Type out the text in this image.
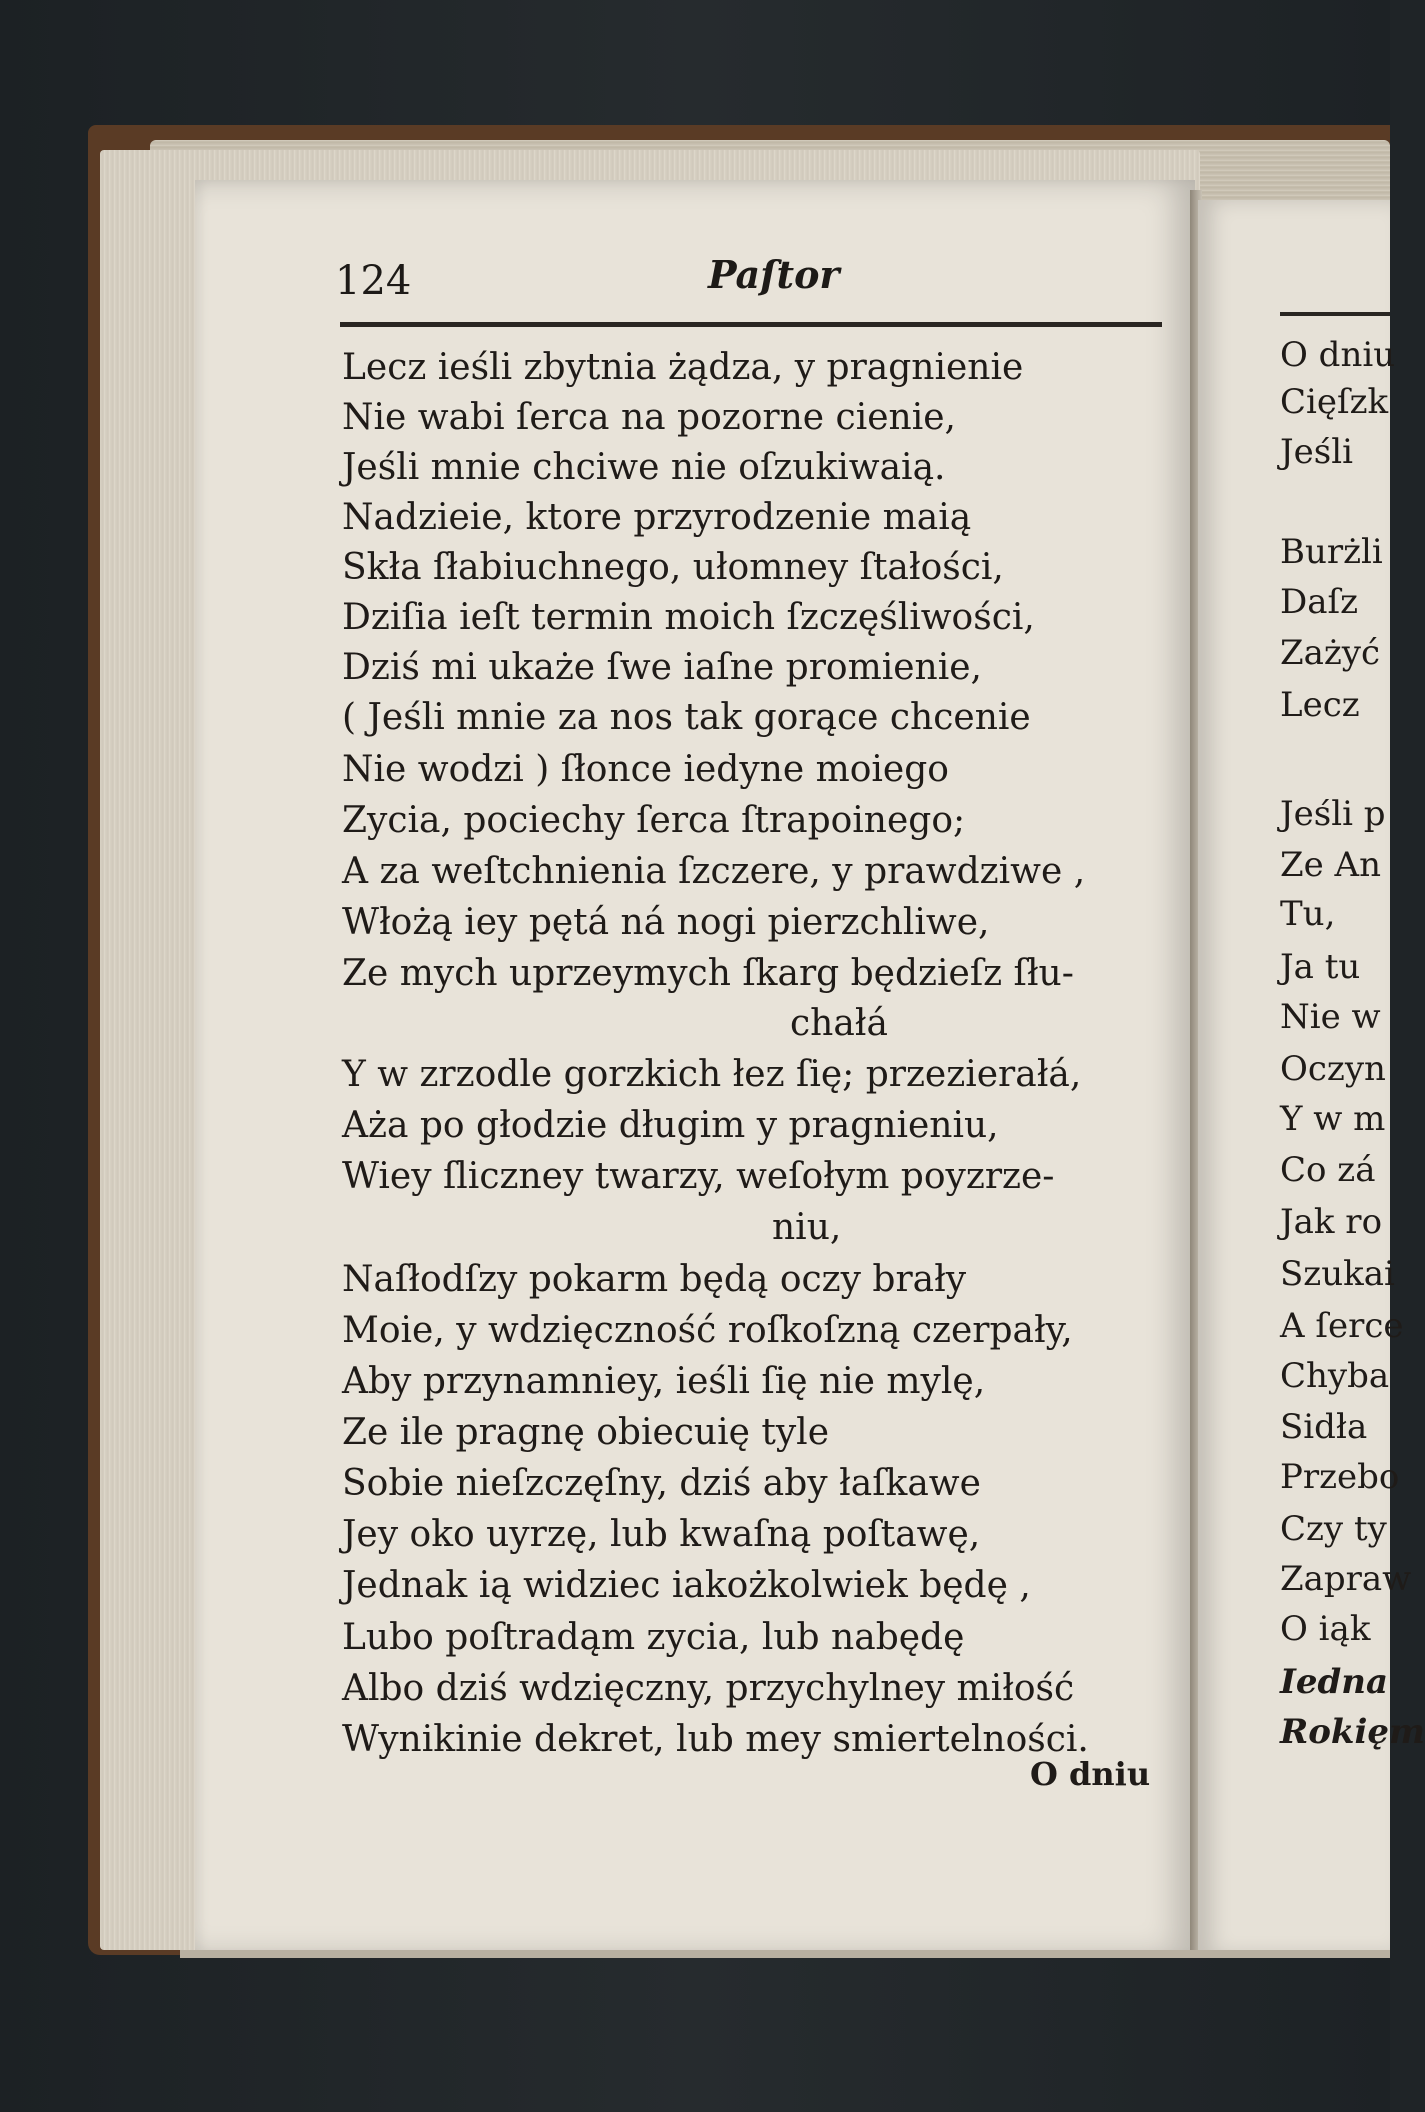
124	Paſtor
Lecz ieśli zbytnia żądza, y pragnienie
Nie wabi ſerca na pozorne cienie,
Jeśli mnie chciwe nie oſzukiwaią.
Nadzieie, ktore przyrodzenie maią
Skła ſłabiuchnego, ułomney ſtałości,
Dziſia ieſt termin moich ſzczęśliwości,
Dziś mi ukaże ſwe iaſne promienie,
( Jeśli mnie za nos tak gorące chcenie
Nie wodzi ) ſłonce iedyne moiego
Zycia, pociechy ſerca ſtrapoinego;
A za weſtchnienia ſzczere, y prawdziwe ,
Włożą iey pętá ná nogi pierzchliwe,
Ze mych uprzeymych ſkarg będzieſz ſłu-
chałá
Y w zrzodle gorzkich łez ſię; przezierałá,
Aża po głodzie długim y pragnieniu,
Wiey ſliczney twarzy, weſołym poyzrze-
niu,
Naſłodſzy pokarm będą oczy brały
Moie, y wdzięczność roſkoſzną czerpały,
Aby przynamniey, ieśli ſię nie mylę,
Ze ile pragnę obiecuię tyle
Sobie nieſzczęſny, dziś aby łaſkawe
Jey oko uyrzę, lub kwaſną poſtawę,
Jednak ią widziec iakożkolwiek będę ,
Lubo poſtradąm zycia, lub nabędę
Albo dziś wdzięczny, przychylney miłość
Wynikinie dekret, lub mey smiertelności.
O dniu
O dniu
Cięſzk
Jeśli
Burżli
Daſz
Zażyć
Lecz
Jeśli p
Ze An
Tu,
Ja tu
Nie w
Oczyn
Y w m
Co zá
Jak ro
Szukai
A ſerce
Chyba
Sidła
Przebo
Czy ty
Zapraw
O iąk
Iedna
Rokięm
